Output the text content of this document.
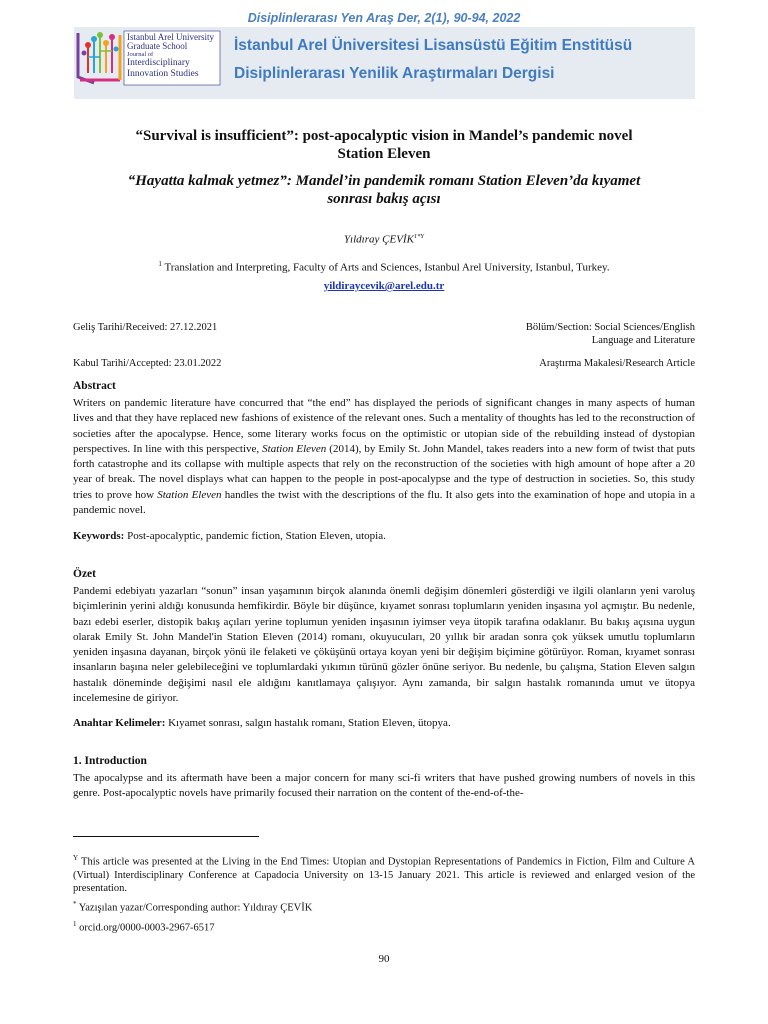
Disiplinlerarası Yen Araş Der, 2(1), 90-94, 2022
Istanbul Arel University
Graduate School
Journal of
Interdisciplinary
Innovation Studies
İstanbul Arel Üniversitesi Lisansüstü Eğitim Enstitüsü
Disiplinlerarası Yenilik Araştırmaları Dergisi
“Survival is insufficient”: post-apocalyptic vision in Mandel’s pandemic novel
Station Eleven
“Hayatta kalmak yetmez”: Mandel’in pandemik romanı Station Eleven’da kıyamet
sonrası bakış açısı
Yıldıray $ÇEVİK^{1*Y}$
$^1$ Translation and Interpreting, Faculty of Arts and Sciences, Istanbul Arel University, Istanbul, Turkey.
yildiraycevik@arel.edu.tr
Geliş Tarihi/Received: 27.12.2021	Bölüm/Section: Social Sciences/English
Language and Literature
Kabul Tarihi/Accepted: 23.01.2022	Araştırma Makalesi/Research Article
Abstract
Writers on pandemic literature have concurred that “the end” has displayed the periods of significant changes in many aspects of human lives and that they have replaced new fashions of existence of the relevant ones. Such a mentality of thoughts has led to the reconstruction of societies after the apocalypse. Hence, some literary works focus on the optimistic or utopian side of the rebuilding instead of dystopian perspectives. In line with this perspective, Station Eleven (2014), by Emily St. John Mandel, takes readers into a new form of twist that puts forth catastrophe and its collapse with multiple aspects that rely on the reconstruction of the societies with high amount of hope after a 20 year of break. The novel displays what can happen to the people in post-apocalypse and the type of destruction in societies. So, this study tries to prove how Station Eleven handles the twist with the descriptions of the flu. It also gets into the examination of hope and utopia in a pandemic novel.
Keywords: Post-apocalyptic, pandemic fiction, Station Eleven, utopia.
Özet
Pandemi edebiyatı yazarları “sonun” insan yaşamının birçok alanında önemli değişim dönemleri gösterdiği ve ilgili olanların yeni varoluş biçimlerinin yerini aldığı konusunda hemfikirdir. Böyle bir düşünce, kıyamet sonrası toplumların yeniden inşasına yol açmıştır. Bu nedenle, bazı edebi eserler, distopik bakış açıları yerine toplumun yeniden inşasının iyimser veya ütopik tarafına odaklanır. Bu bakış açısına uygun olarak Emily St. John Mandel'in Station Eleven (2014) romanı, okuyucuları, 20 yıllık bir aradan sonra çok yüksek umutlu toplumların yeniden inşasına dayanan, birçok yönü ile felaketi ve çöküşünü ortaya koyan yeni bir değişim biçimine götürüyor. Roman, kıyamet sonrası insanların başına neler gelebileceğini ve toplumlardaki yıkımın türünü gözler önüne seriyor. Bu nedenle, bu çalışma, Station Eleven salgın hastalık döneminde değişimi nasıl ele aldığını kanıtlamaya çalışıyor. Aynı zamanda, bir salgın hastalık romanında umut ve ütopya incelemesine de giriyor.
Anahtar Kelimeler: Kıyamet sonrası, salgın hastalık romanı, Station Eleven, ütopya.
1. Introduction
The apocalypse and its aftermath have been a major concern for many sci-fi writers that have pushed growing numbers of novels in this genre. Post-apocalyptic novels have primarily focused their narration on the content of the-end-of-the-
$^Y$ This article was presented at the Living in the End Times: Utopian and Dystopian Representations of Pandemics in Fiction, Film and Culture A (Virtual) Interdisciplinary Conference at Capadocia University on 13-15 January 2021. This article is reviewed and enlarged vesion of the presentation.
* Yazışılan yazar/Corresponding author: Yıldıray ÇEVİK
$^1$ orcid.org/0000-0003-2967-6517
90
